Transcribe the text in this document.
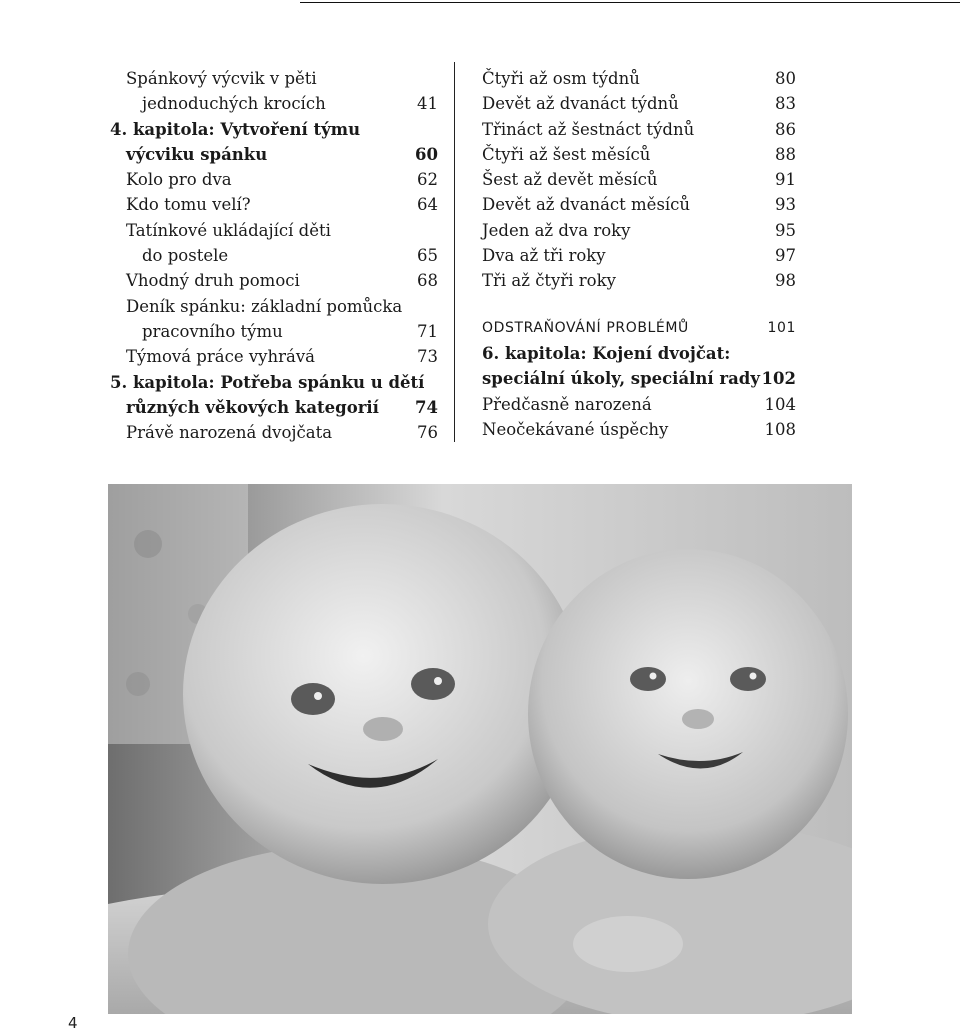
Spánkový výcvik v pěti
jednoduchých krocích	41
4. kapitola: Vytvoření týmu
výcviku spánku	60
Kolo pro dva	62
Kdo tomu velí?	64
Tatínkové ukládající děti
do postele	65
Vhodný druh pomoci	68
Deník spánku: základní pomůcka
pracovního týmu	71
Týmová práce vyhrává	73
5. kapitola: Potřeba spánku u dětí
různých věkových kategorií	74
Právě narozená dvojčata	76
Čtyři až osm týdnů	80
Devět až dvanáct týdnů	83
Třináct až šestnáct týdnů	86
Čtyři až šest měsíců	88
Šest až devět měsíců	91
Devět až dvanáct měsíců	93
Jeden až dva roky	95
Dva až tři roky	97
Tři až čtyři roky	98
ODSTRAŇOVÁNÍ PROBLÉMŮ	101
6. kapitola: Kojení dvojčat:
speciální úkoly, speciální rady 102
Předčasně narozená	104
Neočekávané úspěchy	108
4
